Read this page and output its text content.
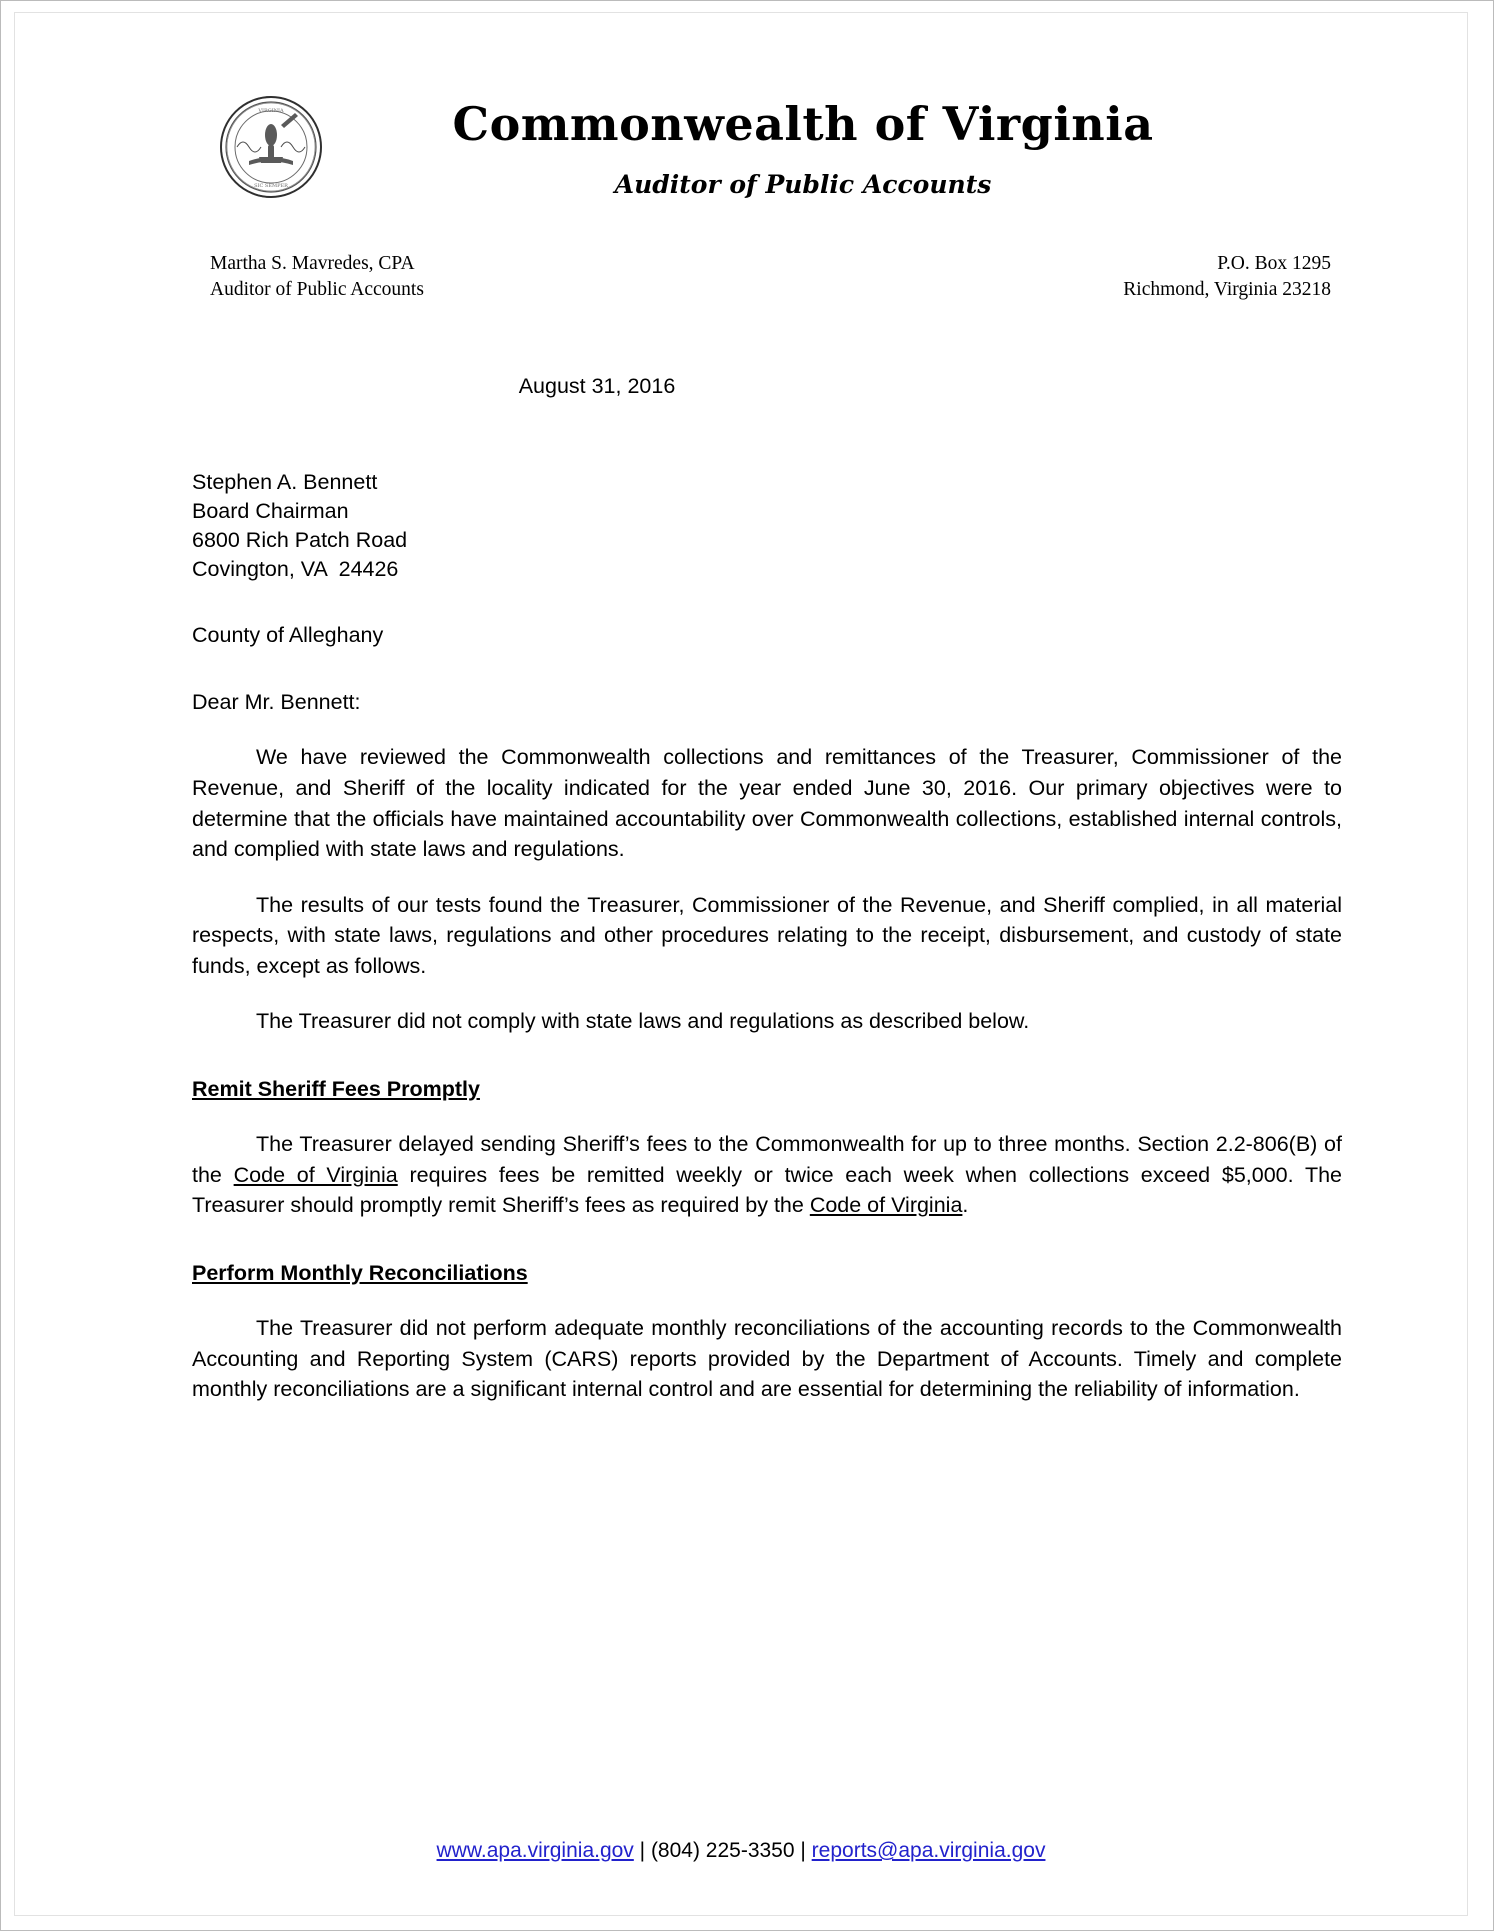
VIRGINIA
SIC SEMPER
Commonwealth of Virginia
Auditor of Public Accounts
Martha S. Mavredes, CPA
Auditor of Public Accounts
P.O. Box 1295
Richmond, Virginia 23218
August 31, 2016
Stephen A. Bennett
Board Chairman
6800 Rich Patch Road
Covington, VA  24426
County of Alleghany
Dear Mr. Bennett:

We have reviewed the Commonwealth collections and remittances of the Treasurer, Commissioner of the Revenue, and Sheriff of the locality indicated for the year ended June 30, 2016. Our primary objectives were to determine that the officials have maintained accountability over Commonwealth collections, established internal controls, and complied with state laws and regulations.

The results of our tests found the Treasurer, Commissioner of the Revenue, and Sheriff complied, in all material respects, with state laws, regulations and other procedures relating to the receipt, disbursement, and custody of state funds, except as follows.

The Treasurer did not comply with state laws and regulations as described below.

Remit Sheriff Fees Promptly

The Treasurer delayed sending Sheriff’s fees to the Commonwealth for up to three months. Section 2.2-806(B) of the Code of Virginia requires fees be remitted weekly or twice each week when collections exceed $5,000. The Treasurer should promptly remit Sheriff’s fees as required by the Code of Virginia.

Perform Monthly Reconciliations

The Treasurer did not perform adequate monthly reconciliations of the accounting records to the Commonwealth Accounting and Reporting System (CARS) reports provided by the Department of Accounts. Timely and complete monthly reconciliations are a significant internal control and are essential for determining the reliability of information.

www.apa.virginia.gov | (804) 225-3350 | reports@apa.virginia.gov
